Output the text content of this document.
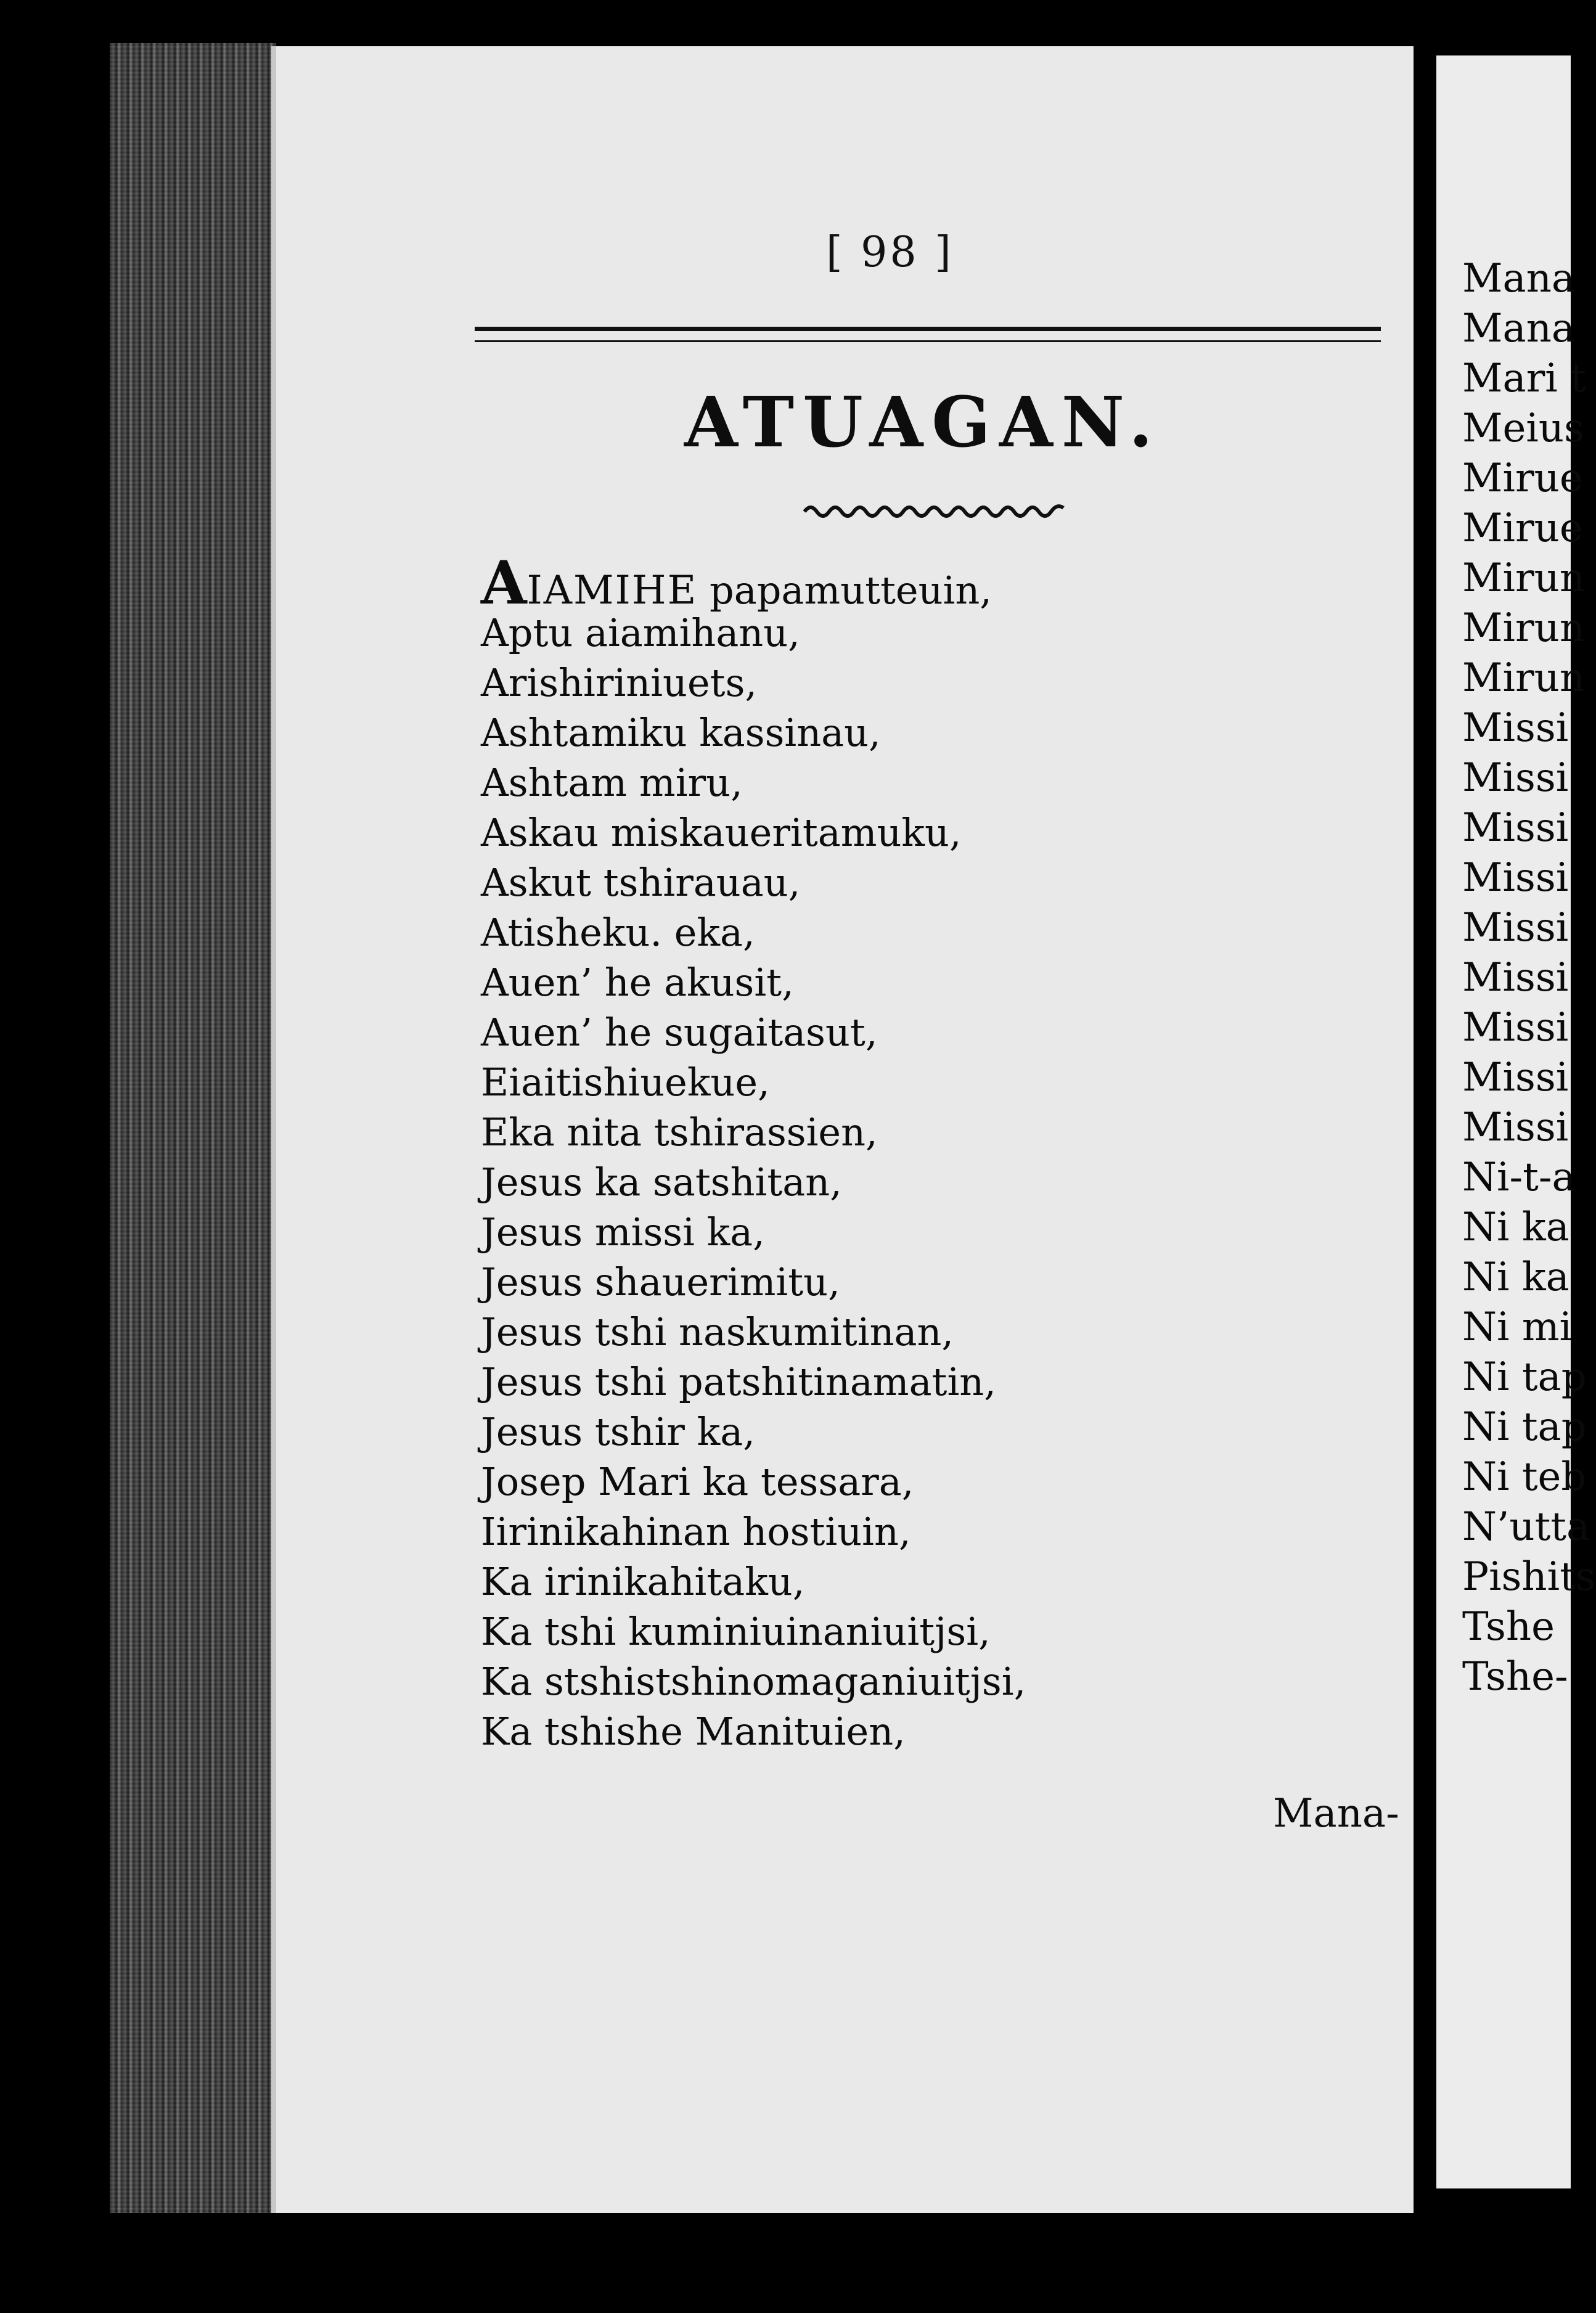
[ 98 ]
ATUAGAN.
AIAMIHE papamutteuin,
Aptu aiamihanu,
Arishiriniuets,
Ashtamiku kassinau,
Ashtam miru,
Askau miskaueritamuku,
Askut tshirauau,
Atisheku. eka,
Auen’ he akusit,
Auen’ he sugaitasut,
Eiaitishiuekue,
Eka nita tshirassien,
Jesus ka satshitan,
Jesus missi ka,
Jesus shauerimitu,
Jesus tshi naskumitinan,
Jesus tshi patshitinamatin,
Jesus tshir ka,
Josep Mari ka tessara,
Iirinikahinan hostiuin,
Ka irinikahitaku,
Ka tshi kuminiuinaniuitjsi,
Ka stshistshinomaganiuitjsi,
Ka tshishe Manituien,
Mana-
Mana
Mana
Mari t
Meius
Mirue
Mirue
Mirun
Mirun
Mirun
Missi
Missi
Missi
Missi
Missi
Missi
Missi
Missi
Missi
Ni-t-a
Ni ka
Ni ka
Ni mi
Ni tap
Ni tap
Ni teb
N’utta
Pishits
Tshe
Tshe-
